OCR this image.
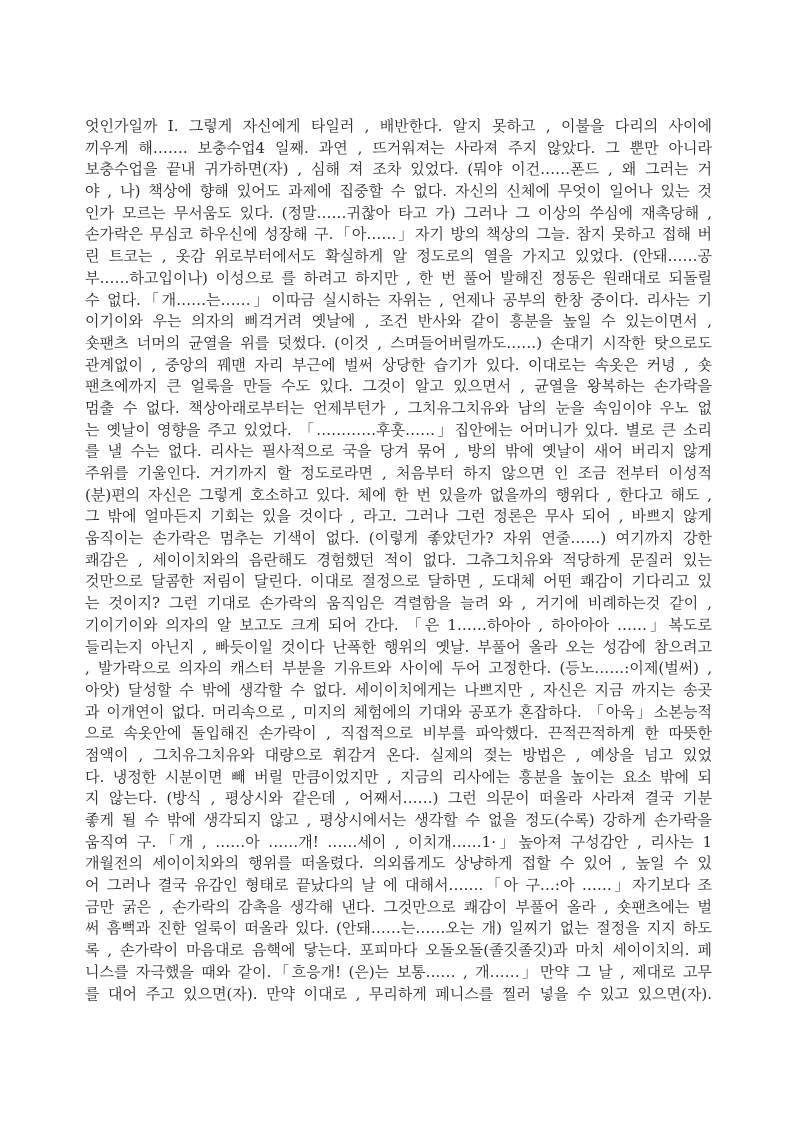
엇인가일까 I. 그렇게 자신에게 타일러 , 배반한다. 알지 못하고 , 이불을 다리의 사이에
끼우게 해……. 보충수업4 일째. 과연 , 뜨거워져는 사라져 주지 않았다. 그 뿐만 아니라
보충수업을 끝내 귀가하면(자) , 심해 져 조차 있었다. (뭐야 이건……폰드 , 왜 그러는 거
야 , 나) 책상에 향해 있어도 과제에 집중할 수 없다. 자신의 신체에 무엇이 일어나 있는 것
인가 모르는 무서움도 있다. (정말……귀찮아 타고 가) 그러나 그 이상의 쑤심에 재촉당해 ,
손가락은 무심코 하우신에 성장해 구.「아……」자기 방의 책상의 그늘. 참지 못하고 접해 버
린 트코는 , 옷감 위로부터에서도 확실하게 알 정도로의 열을 가지고 있었다. (안돼……공
부……하고입이나) 이성으로 를 하려고 하지만 , 한 번 풀어 발해진 정동은 원래대로 되돌릴
수 없다.「개……는……」이따금 실시하는 자위는 , 언제나 공부의 한창 중이다. 리사는 기
이기이와 우는 의자의 삐걱거려 옛날에 , 조건 반사와 같이 흥분을 높일 수 있는이면서 ,
숏팬츠 너머의 균열을 위를 덧썼다. (이것 , 스며들어버릴까도……) 손대기 시작한 탓으로도
관계없이 , 중앙의 꿰맨 자리 부근에 벌써 상당한 습기가 있다. 이대로는 속옷은 커녕 , 숏
팬츠에까지 큰 얼룩을 만들 수도 있다. 그것이 알고 있으면서 , 균열을 왕복하는 손가락을
멈출 수 없다. 책상아래로부터는 언제부턴가 , 그치유그치유와 남의 눈을 속임이야 우노 없
는 옛날이 영향을 주고 있었다. 「…………후훗……」집안에는 어머니가 있다. 별로 큰 소리
를 낼 수는 없다. 리사는 필사적으로 국을 당겨 묶어 , 방의 밖에 옛날이 새어 버리지 않게
주위를 기울인다. 거기까지 할 정도로라면 , 처음부터 하지 않으면 인 조금 전부터 이성적
(분)편의 자신은 그렇게 호소하고 있다. 체에 한 번 있을까 없을까의 행위다 , 한다고 해도 ,
그 밖에 얼마든지 기회는 있을 것이다 , 라고. 그러나 그런 정론은 무사 되어 , 바쁘지 않게
움직이는 손가락은 멈추는 기색이 없다. (이렇게 좋았던가? 자위 연줄……) 여기까지 강한
쾌감은 , 세이이치와의 음란해도 경험했던 적이 없다. 그츄그치유와 적당하게 문질러 있는
것만으로 달콤한 저림이 달린다. 이대로 절정으로 달하면 , 도대체 어떤 쾌감이 기다리고 있
는 것이지? 그런 기대로 손가락의 움직임은 격렬함을 늘려 와 , 거기에 비례하는것 같이 ,
기이기이와 의자의 알 보고도 크게 되어 간다. 「은 1……하아아 , 하아아아 ……」복도로
들리는지 아닌지 , 빠듯이일 것이다 난폭한 행위의 옛날. 부풀어 올라 오는 성감에 참으려고
, 발가락으로 의자의 캐스터 부분을 기유트와 사이에 두어 고정한다. (등노……:이제(벌써) ,
아앗) 달성할 수 밖에 생각할 수 없다. 세이이치에게는 나쁘지만 , 자신은 지금 까지는 송곳
과 이개연이 없다. 머리속으로 , 미지의 체험에의 기대와 공포가 혼잡하다. 「아욱」소본능적
으로 속옷안에 돌입해진 손가락이 , 직접적으로 비부를 파악했다. 끈적끈적하게 한 따뜻한
점액이 , 그치유그치유와 대량으로 휘감겨 온다. 실제의 젖는 방법은 , 예상을 넘고 있었
다. 냉정한 시분이면 빼 버릴 만큼이었지만 , 지금의 리사에는 흥분을 높이는 요소 밖에 되
지 않는다. (방식 , 평상시와 같은데 , 어째서……) 그런 의문이 떠올라 사라져 결국 기분
좋게 될 수 밖에 생각되지 않고 , 평상시에서는 생각할 수 없을 정도(수록) 강하게 손가락을
움직여 구.「개 , ……아 ……개! ……세이 , 이치개……1·」높아져 구성감안 , 리사는 1
개월전의 세이이치와의 행위를 떠올렸다. 의외롭게도 상냥하게 접할 수 있어 , 높일 수 있
어 그러나 결국 유감인 형태로 끝났다의 날 에 대해서…….「아 구…:아 ……」자기보다 조
금만 굵은 , 손가락의 감촉을 생각해 낸다. 그것만으로 쾌감이 부풀어 올라 , 숏팬츠에는 벌
써 흠뻑과 진한 얼룩이 떠올라 있다. (안돼……는……오는 개) 일찌기 없는 절정을 지지 하도
록 , 손가락이 마음대로 음핵에 닿는다. 포피마다 오돌오돌(졸깃졸깃)과 마치 세이이치의. 페
니스를 자극했을 때와 같이.「흐응개! (은)는 보통…… , 개……」만약 그 날 , 제대로 고무
를 대어 주고 있으면(자). 만약 이대로 , 무리하게 페니스를 찔러 넣을 수 있고 있으면(자).
